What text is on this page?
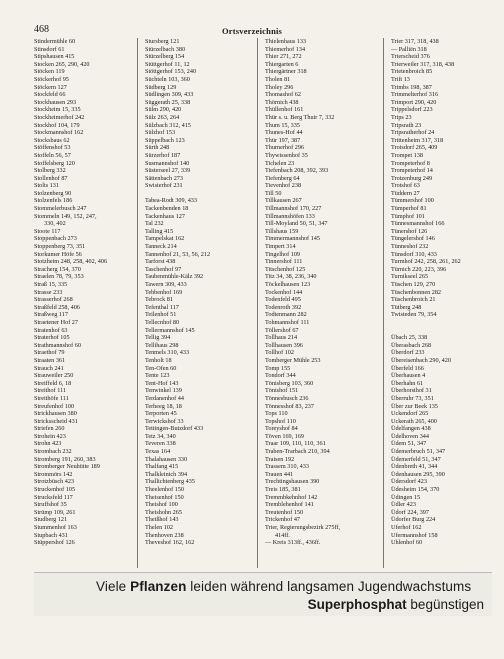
468	Ortsverzeichnis
Stindermühle 60
Stinsdorf 61
Stipshausen 415
Stocken 265, 290, 420
Stöcken 119
Stöckerhof 95
Stöckern 127
Stockfeld 66
Stockhausen 293
Stockheim 15, 335
Stockheimerhof 242
Stockhof 104, 179
Stockmannshof 162
Stocksbaus 62
Stöffenshof 53
Stoffeln 56, 57
Stoffelsberg 120
Stolberg 332
Stollenhof 87
Stolts 131
Stolzenberg 90
Stolzenfels 186
Stommelerbusch 247
Stommeln 149, 152, 247,
330, 402
Stoote 117
Stoppenbach 273
Stoppenberg 73, 351
Storkumer Höfe 56
Stotzheim 248, 258, 402, 406
Stracherg 154, 370
Straelen 78, 79, 353
Straß 15, 335
Strasse 233
Strasserhof 268
Straßfeld 258, 406
Straßweg 117
Straetener Hof 27
Stratenhof 63
Straterhof 105
Strathmannshof 60
Straethof 79
Straaten 361
Strauch 241
Strauweiler 250
Streiffeld 6, 18
Streithof 111
Streithöfe 111
Streufenhof 100
Strickhausen 380
Stricksscheid 431
Striefen 260
Strohein 423
Strohn 423
Strombach 232
Stromberg 191, 260, 383
Stromberger Neuhütte 189
Strommörs 142
Strotzbüsch 423
Struckenhof 105
Strucksfeld 117
Struffshof 35
Strümp 109, 261
Studberg 121
Stummenhof 163
Stupbach 431
Stüppershof 126
Stursberg 121
Stürzelbach 380
Stürzelberg 154
Stüttgerhof 11, 12
Stöttgerhof 153, 240
Süchteln 103, 360
Südberg 129
Südlingen 309, 433
Süggerath 25, 338
Sülm 290, 420
Sülz 263, 264
Sülzbach 312, 415
Sülzhof 153
Süppelbach 123
Sürth 248
Sürzerhof 187
Susmannshof 140
Süsterseel 27, 339
Sättenbach 273
Swisterhof 231
Tabea-Rodt 309, 433
Tackenbenden 18
Tackenhaus 127
Tal 232
Talling 415
Tampelskat 162
Tanneck 214
Tannenhof 21, 53, 56, 212
Tarforst 438
Taschenhof 97
Taubenmühle-Kälz 392
Tawern 309, 433
Tebbenhof 169
Tebrock 81
Tefenthal 117
Teilenhof 51
Tellecnhof 80
Tellermannshof 145
Tellig 394
Tellihaus 298
Tenmels 310, 433
Tenholt 18
Ten-Ofen 60
Tente 123
Tent-Hof 143
Tenwinkel 139
Terdanenhof 44
Terheeg 18, 18
Terporten 45
Terwickshof 33
Tettingen-Butzdorf 433
Tetz 34, 340
Teveren 338
Texas 164
Thalahausen 330
Thalfang 415
Thalkleinich 394
Thallichtenberg 435
Theelenhof 150
Theisenhof 150
Theishof 100
Theishohn 265
Theißhof 143
Thelen 102
Thenhoven 238
Theveshof 162, 162
Thielenhaus 133
Thiemerhof 134
Thier 271, 272
Thiergarten 6
Thiergärtner 318
Tholen 81
Tholey 296
Thomashof 62
Thörnich 438
Thüllenhof 161
Thür s. u. Berg Thuir 7, 332
Thum 15, 335
Thunes-Hof 44
Thür 197, 387
Thurnerhof 296
Thywissenhof 35
Tichelen 23
Tiefenbach 208, 392, 393
Tiefenberg 64
Tievenhof 238
Till 50
Tillkausen 267
Tillmannshof 170, 227
Tillmannshöfen 133
Till-Moyland 50, 51, 347
Tillshaus 159
Timmermannshof 145
Timpert 314
Tingelhof 109
Tinnershof 111
Titschenhof 125
Titz 34, 38, 236, 340
Töckelhausen 123
Tockenhof 144
Todenfeld 495
Todenroth 392
Todtenmann 282
Tohmannshof 111
Töllershof 67
Tollhaus 214
Tollhausen 396
Tollhof 102
Tomberger Mühle 253
Tomp 155
Tondorf 344
Tönisberg 103, 360
Tönishof 151
Tönnesbusch 236
Tönnesshof 83, 237
Tops 110
Topshof 110
Toreyshof 84
Töven 169, 169
Traar 109, 110, 110, 361
Traben-Trarbach 210, 394
Traisen 192
Trassem 310, 433
Trauen 441
Trechtingshausen 390
Treis 185, 381
Tremmbkehnhof 142
Tremblehenhof 141
Treutenhof 150
Trickenhof 47
Trier, Regierungsbezirk 275ff,
414ff.
— Kreis 313ff., 436ff.
Trier 317, 318, 438
— Palliën 318
Trierscheid 376
Trierweiler 317, 318, 438
Trietenbroich 85
Trift 13
Trimbs 198, 387
Trimmelterhof 316
Trimport 290, 420
Trippelsdorf 223
Trips 23
Tripsrath 23
Tripsratherhof 24
Trittenheim 317, 318
Troisdorf 265, 409
Trompet 138
Trompeterhof 8
Trompeterhof 14
Trotzenburg 249
Trotshof 63
Tüddern 27
Tümmershof 100
Tümperhof 81
Tümphof 101
Tünnesmannshof 166
Tünershof 126
Tüngelershof 146
Tünneshof 232
Tünsdorf 310, 433
Turmhof 242, 258, 261, 262
Türnich 220, 223, 396
Turnikseel 265
Tüschen 129, 270
Tüschenbonnen 282
Tüschenbroich 21
Tütberg 248
Twisteden 79, 354
Übach 25, 338
Überasbach 268
Überdorf 233
Übereisenbach 290, 420
Überfeld 166
Überhausen 4
Überhahn 61
Überhorsthof 31
Überruhr 73, 351
Über zur Beek 135
Uckendorf 265
Uckerath 265, 400
Üdelfangen 438
Üdelhoven 344
Üdem 51, 347
Üdemerbruch 51, 347
Üdemerfeld 51, 347
Üdenbreth 41, 344
Üdenhausen 295, 390
Üdersdorf 423
Üdesheim 154, 370
Üdingen 15
Üdler 423
Üdorf 224, 397
Üdorfer Burg 224
Uferhof 162
Ufermannshof 158
Uhlenhof 60
Viele Pflanzen leiden während langsamen Jugendwachstums
Superphosphat begünstigen
